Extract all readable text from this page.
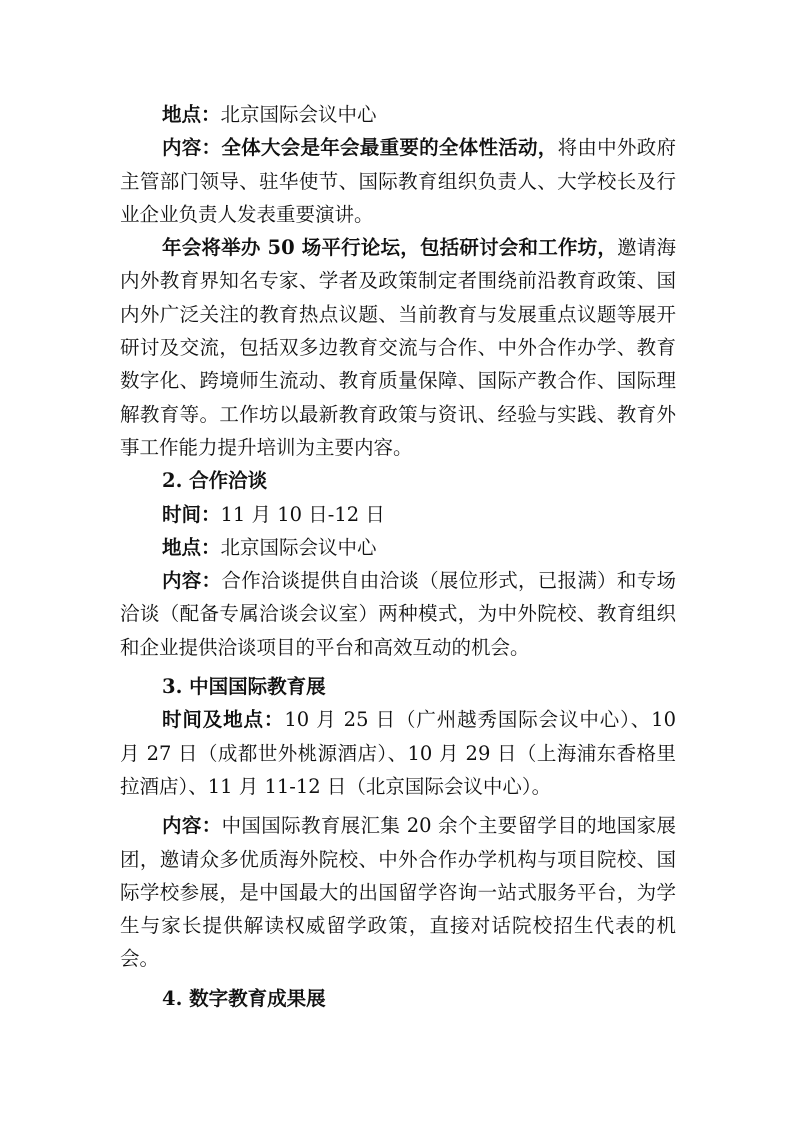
地点：北京国际会议中心

内容：全体大会是年会最重要的全体性活动，将由中外政府主管部门领导、驻华使节、国际教育组织负责人、大学校长及行业企业负责人发表重要演讲。

年会将举办 50 场平行论坛，包括研讨会和工作坊，邀请海内外教育界知名专家、学者及政策制定者围绕前沿教育政策、国内外广泛关注的教育热点议题、当前教育与发展重点议题等展开研讨及交流，包括双多边教育交流与合作、中外合作办学、教育数字化、跨境师生流动、教育质量保障、国际产教合作、国际理解教育等。工作坊以最新教育政策与资讯、经验与实践、教育外事工作能力提升培训为主要内容。

2. 合作洽谈

时间：11 月 10 日-12 日

地点：北京国际会议中心

内容：合作洽谈提供自由洽谈（展位形式，已报满）和专场洽谈（配备专属洽谈会议室）两种模式，为中外院校、教育组织和企业提供洽谈项目的平台和高效互动的机会。

3. 中国国际教育展

时间及地点：10 月 25 日（广州越秀国际会议中心）、10 月 27 日（成都世外桃源酒店）、10 月 29 日（上海浦东香格里拉酒店）、11 月 11-12 日（北京国际会议中心）。

内容：中国国际教育展汇集 20 余个主要留学目的地国家展团，邀请众多优质海外院校、中外合作办学机构与项目院校、国际学校参展，是中国最大的出国留学咨询一站式服务平台，为学生与家长提供解读权威留学政策，直接对话院校招生代表的机会。

4. 数字教育成果展
